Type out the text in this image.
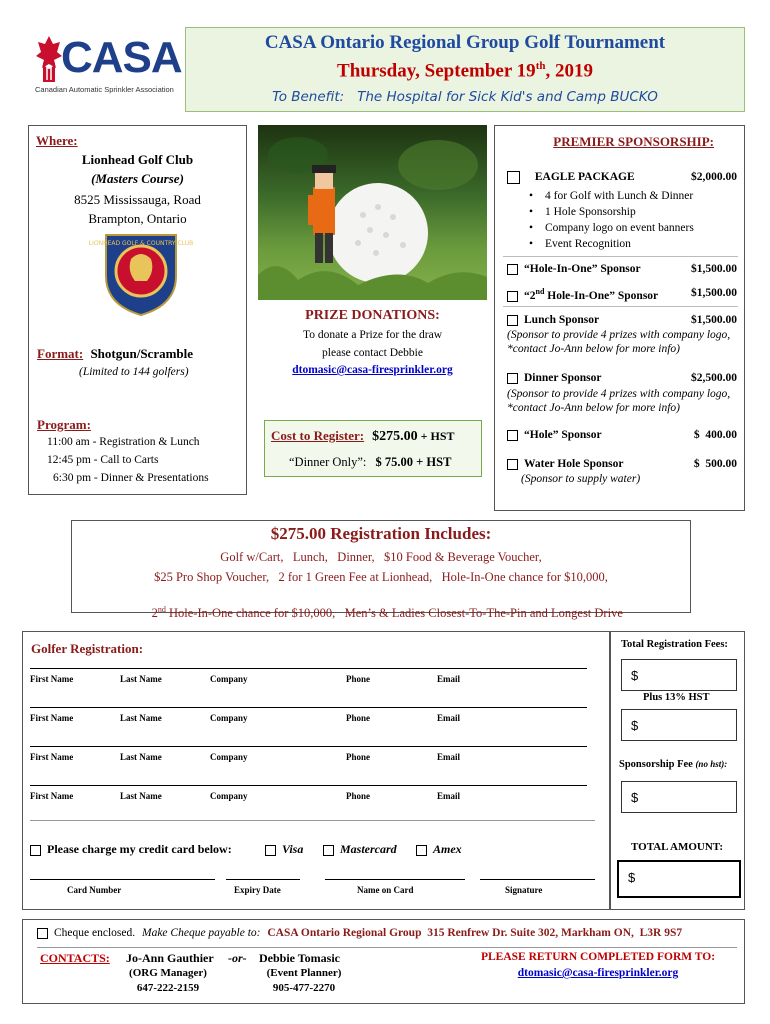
CASA
Canadian Automatic Sprinkler Association
CASA Ontario Regional Group Golf Tournament
Thursday, September 19th, 2019
To Benefit:   The Hospital for Sick Kid's and Camp BUCKO
Where:
Lionhead Golf Club
(Masters Course)
8525 Mississauga, Road
Brampton, Ontario
LIONHEAD GOLF & COUNTRY CLUB
Format: Shotgun/Scramble
(Limited to 144 golfers)
Program:
11:00 am - Registration & Lunch
12:45 pm - Call to Carts
6:30 pm - Dinner & Presentations
PRIZE DONATIONS:
To donate a Prize for the draw
please contact Debbie
dtomasic@casa-firesprinkler.org
Cost to Register: $275.00 + HST
“Dinner Only”: $ 75.00 + HST
PREMIER SPONSORSHIP:
EAGLE PACKAGE	$2,000.00
• 4 for Golf with Lunch & Dinner
• 1 Hole Sponsorship
• Company logo on event banners
• Event Recognition
“Hole-In-One” Sponsor	$1,500.00
“2nd Hole-In-One” Sponsor	$1,500.00
Lunch Sponsor	$1,500.00
(Sponsor to provide 4 prizes with company logo, *contact Jo-Ann below for more info)
Dinner Sponsor	$2,500.00
(Sponsor to provide 4 prizes with company logo, *contact Jo-Ann below for more info)
“Hole” Sponsor	$  400.00
Water Hole Sponsor	$  500.00
(Sponsor to supply water)
$275.00 Registration Includes:
Golf w/Cart,   Lunch,   Dinner,   $10 Food & Beverage Voucher,
$25 Pro Shop Voucher,   2 for 1 Green Fee at Lionhead,   Hole-In-One chance for $10,000,

2nd Hole-In-One chance for $10,000,   Men’s & Ladies Closest-To-The-Pin and Longest Drive

Golfer Registration:
First Name	Last Name	Company	Phone	Email
First Name	Last Name	Company	Phone	Email
First Name	Last Name	Company	Phone	Email
First Name	Last Name	Company	Phone	Email
Please charge my credit card below:	Visa	Mastercard	Amex
Card Number	Expiry Date	Name on Card	Signature
Total Registration Fees:
$
Plus 13% HST
$
Sponsorship Fee (no hst):
$
TOTAL AMOUNT:
$
Cheque enclosed. Make Cheque payable to: CASA Ontario Regional Group  315 Renfrew Dr. Suite 302, Markham ON,  L3R 9S7
CONTACTS: Jo-Ann Gauthier -or-
(ORG Manager)
647-222-2159
Debbie Tomasic
(Event Planner)
905-477-2270
PLEASE RETURN COMPLETED FORM TO:
dtomasic@casa-firesprinkler.org
